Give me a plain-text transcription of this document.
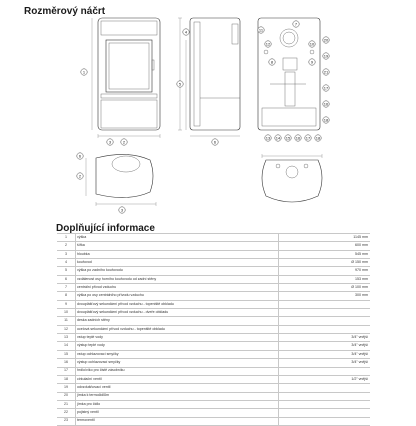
Rozměrový náčrt
1
2
3
4
5
6
11
7
12
9
8
10
20
19
21
17
16
18
13 14 15 16 17 18
6
2
3
Doplňující informace
1	výška	1145 mm
2	šířka	600 mm
3	hloubka	545 mm
4	kouřovod	Ø 150 mm
5	výška po zadního kouřovodu	970 mm
6	vzdálenost osy horního kouřovodu od zadní stěny	153 mm
7	centrální přívod vzduchu	Ø 100 mm
8	výška po osy centrálního přívodu vzduchu	300 mm
9	dvouplášťový sekundární přívod vzduchu - topeniště obkladu	
10	dvouplášťový sekundární přívod vzduchu - dveře obkladu	
11	deska zadních stěny	
12	ocelová sekundární přívod vzduchu - topeniště obkladu	
13	vstup teplé vody	3/4" vnější
14	výstup teplé vody	3/4" vnější
15	vstup ochlazovací smyčky	3/4" vnější
16	výstup ochlazovací smyčky	3/4" vnější
17	hrdlo/víko pro čistě zásobníku	
18	cirkulační ventil	1/2" vnější
19	odvzdušňovací ventil	
20	jímka k termočidlům	
21	jímka pro čidlo	
22	pojistný ventil	
23	termoventil	
